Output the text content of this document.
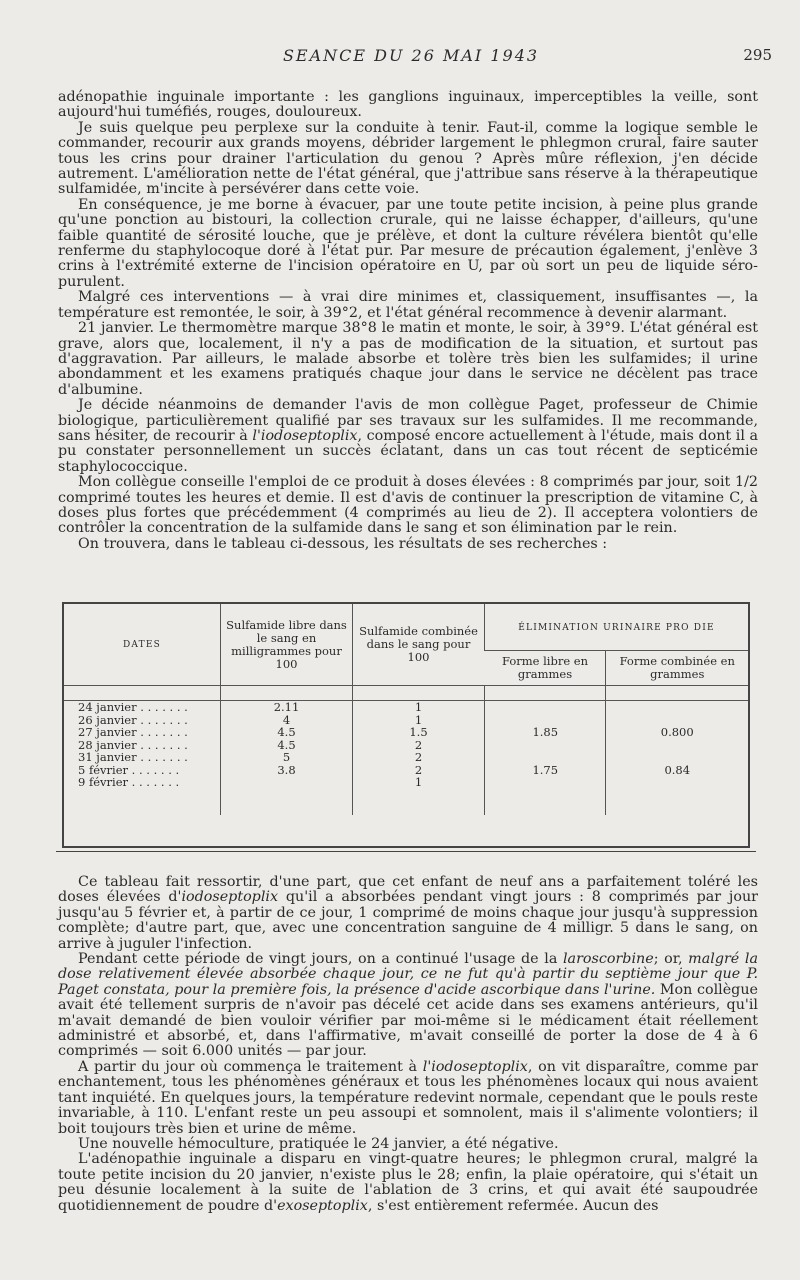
SEANCE DU 26 MAI 1943	295

adénopathie inguinale importante : les ganglions inguinaux, imperceptibles la veille, sont aujourd'hui tuméfiés, rouges, douloureux.

Je suis quelque peu perplexe sur la conduite à tenir. Faut-il, comme la logique semble le commander, recourir aux grands moyens, débrider largement le phlegmon crural, faire sauter tous les crins pour drainer l'articulation du genou ? Après mûre réflexion, j'en décide autrement. L'amélioration nette de l'état général, que j'attribue sans réserve à la thérapeutique sulfamidée, m'incite à persévérer dans cette voie.

En conséquence, je me borne à évacuer, par une toute petite incision, à peine plus grande qu'une ponction au bistouri, la collection crurale, qui ne laisse échapper, d'ailleurs, qu'une faible quantité de sérosité louche, que je prélève, et dont la culture révélera bientôt qu'elle renferme du staphylocoque doré à l'état pur. Par mesure de précaution également, j'enlève 3 crins à l'extrémité externe de l'incision opératoire en U, par où sort un peu de liquide séro-purulent.

Malgré ces interventions — à vrai dire minimes et, classiquement, insuffisantes —, la température est remontée, le soir, à 39°2, et l'état général recommence à devenir alarmant.

21 janvier. Le thermomètre marque 38°8 le matin et monte, le soir, à 39°9. L'état général est grave, alors que, localement, il n'y a pas de modification de la situation, et surtout pas d'aggravation. Par ailleurs, le malade absorbe et tolère très bien les sulfamides; il urine abondamment et les examens pratiqués chaque jour dans le service ne décèlent pas trace d'albumine.

Je décide néanmoins de demander l'avis de mon collègue Paget, professeur de Chimie biologique, particulièrement qualifié par ses travaux sur les sulfamides. Il me recommande, sans hésiter, de recourir à l'iodoseptoplix, composé encore actuellement à l'étude, mais dont il a pu constater personnellement un succès éclatant, dans un cas tout récent de septicémie staphylococcique.

Mon collègue conseille l'emploi de ce produit à doses élevées : 8 comprimés par jour, soit 1/2 comprimé toutes les heures et demie. Il est d'avis de continuer la prescription de vitamine C, à doses plus fortes que précédemment (4 comprimés au lieu de 2). Il acceptera volontiers de contrôler la concentration de la sulfamide dans le sang et son élimination par le rein.

On trouvera, dans le tableau ci-dessous, les résultats de ses recherches :

DATES	Sulfamide libre dans le sang en milligrammes pour 100	Sulfamide combinée dans le sang pour 100	ÉLIMINATION URINAIRE PRO DIE	
			Forme libre en grammes	Forme combinée en grammes

24 janvier . . .	2.11	1		
26 janvier . . .	4	1		
27 janvier . . .	4.5	1.5	1.85	0.800
28 janvier . . .	4.5	2		
31 janvier . . .	5	2		
5 février . . .	3.8	2	1.75	0.84
9 février . . .		1		

Ce tableau fait ressortir, d'une part, que cet enfant de neuf ans a parfaitement toléré les doses élevées d'iodoseptoplix qu'il a absorbées pendant vingt jours : 8 comprimés par jour jusqu'au 5 février et, à partir de ce jour, 1 comprimé de moins chaque jour jusqu'à suppression complète; d'autre part, que, avec une concentration sanguine de 4 milligr. 5 dans le sang, on arrive à juguler l'infection.

Pendant cette période de vingt jours, on a continué l'usage de la laroscorbine; or, malgré la dose relativement élevée absorbée chaque jour, ce ne fut qu'à partir du septième jour que P. Paget constata, pour la première fois, la présence d'acide ascorbique dans l'urine. Mon collègue avait été tellement surpris de n'avoir pas décelé cet acide dans ses examens antérieurs, qu'il m'avait demandé de bien vouloir vérifier par moi-même si le médicament était réellement administré et absorbé, et, dans l'affirmative, m'avait conseillé de porter la dose de 4 à 6 comprimés — soit 6.000 unités — par jour.

A partir du jour où commença le traitement à l'iodoseptoplix, on vit disparaître, comme par enchantement, tous les phénomènes généraux et tous les phénomènes locaux qui nous avaient tant inquiété. En quelques jours, la température redevint normale, cependant que le pouls reste invariable, à 110. L'enfant reste un peu assoupi et somnolent, mais il s'alimente volontiers; il boit toujours très bien et urine de même.

Une nouvelle hémoculture, pratiquée le 24 janvier, a été négative.

L'adénopathie inguinale a disparu en vingt-quatre heures; le phlegmon crural, malgré la toute petite incision du 20 janvier, n'existe plus le 28; enfin, la plaie opératoire, qui s'était un peu désunie localement à la suite de l'ablation de 3 crins, et qui avait été saupoudrée quotidiennement de poudre d'exoseptoplix, s'est entièrement refermée. Aucun des
